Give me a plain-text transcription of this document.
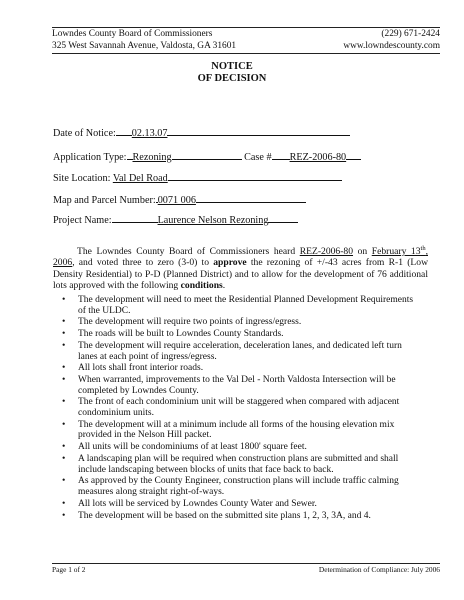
Lowndes County Board of Commissioners	(229) 671-2424
325 West Savannah Avenue, Valdosta, GA 31601	www.lowndescounty.com
NOTICE
OF DECISION
Date of Notice: 02.13.07
Application Type: Rezoning	Case # REZ-2006-80
Site Location: Val Del Road
Map and Parcel Number: 0071 006
Project Name:	Laurence Nelson Rezoning

The Lowndes County Board of Commissioners heard REZ-2006-80 on February 13th, 2006, and voted three to zero (3-0) to approve the rezoning of +/-43 acres from R-1 (Low Density Residential) to P-D (Planned District) and to allow for the development of 76 additional lots approved with the following conditions.

• The development will need to meet the Residential Planned Development Requirements of the ULDC.
• The development will require two points of ingress/egress.
• The roads will be built to Lowndes County Standards.
• The development will require acceleration, deceleration lanes, and dedicated left turn lanes at each point of ingress/egress.
• All lots shall front interior roads.
• When warranted, improvements to the Val Del - North Valdosta Intersection will be completed by Lowndes County.
• The front of each condominium unit will be staggered when compared with adjacent condominium units.
• The development will at a minimum include all forms of the housing elevation mix provided in the Nelson Hill packet.
• All units will be condominiums of at least 1800' square feet.
• A landscaping plan will be required when construction plans are submitted and shall include landscaping between blocks of units that face back to back.
• As approved by the County Engineer, construction plans will include traffic calming measures along straight right-of-ways.
• All lots will be serviced by Lowndes County Water and Sewer.
• The development will be based on the submitted site plans 1, 2, 3, 3A, and 4.
Page 1 of 2	Determination of Compliance: July 2006
